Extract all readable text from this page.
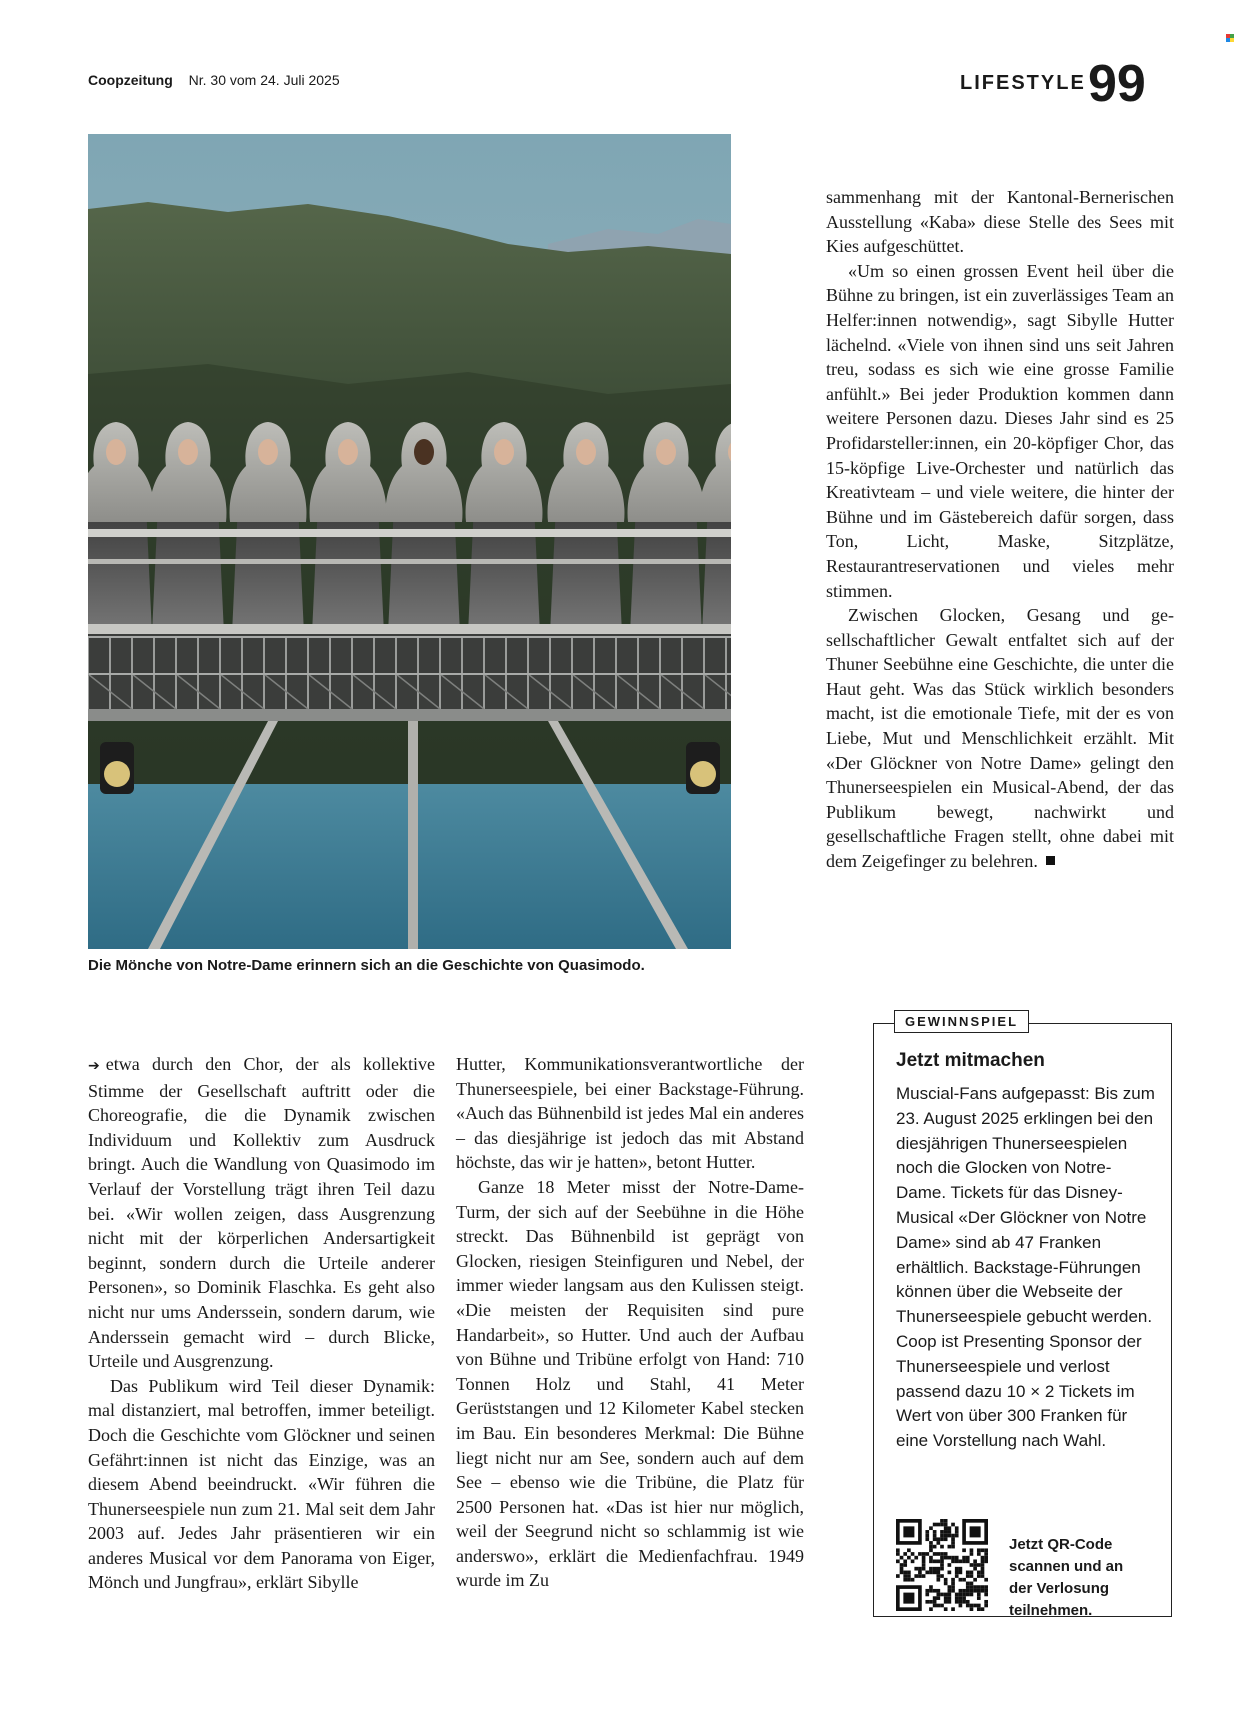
Coopzeitung Nr. 30 vom 24. Juli 2025	LIFESTYLE 99
Die Mönche von Notre-Dame erinnern sich an die Geschichte von Quasimodo.

sammenhang mit der Kantonal-Bernerischen Ausstellung «Kaba» diese Stelle des Sees mit Kies aufgeschüttet.

«Um so einen grossen Event heil über die Bühne zu bringen, ist ein zuverlässiges Team an Helfer:innen notwendig», sagt Sibylle Hutter lächelnd. «Viele von ihnen sind uns seit Jahren treu, sodass es sich wie eine grosse Familie anfühlt.» Bei jeder Produktion kommen dann weitere Personen dazu. Dieses Jahr sind es 25 Profidarsteller:innen, ein 20-köpfiger Chor, das 15-köpfige Live-Orchester und natürlich das Kreativteam – und viele weitere, die hinter der Bühne und im Gästebereich dafür sorgen, dass Ton, Licht, Maske, Sitzplätze, Restaurantreservationen und vieles mehr stimmen.

Zwischen Glocken, Gesang und gesellschaftlicher Gewalt entfaltet sich auf der Thuner Seebühne eine Geschichte, die unter die Haut geht. Was das Stück wirklich besonders macht, ist die emotionale Tiefe, mit der es von Liebe, Mut und Menschlichkeit erzählt. Mit «Der Glöckner von Notre Dame» gelingt den Thunerseespielen ein Musical-Abend, der das Publikum bewegt, nachwirkt und gesellschaftliche Fragen stellt, ohne dabei mit dem Zeigefinger zu belehren.

➔ etwa durch den Chor, der als kollektive Stimme der Gesellschaft auftritt oder die Choreografie, die die Dynamik zwischen Individuum und Kollektiv zum Ausdruck bringt. Auch die Wandlung von Quasimodo im Verlauf der Vorstellung trägt ihren Teil dazu bei. «Wir wollen zeigen, dass Ausgrenzung nicht mit der körperlichen Andersartigkeit beginnt, sondern durch die Urteile anderer Personen», so Dominik Flaschka. Es geht also nicht nur ums Anderssein, sondern darum, wie Anderssein gemacht wird – durch Blicke, Urteile und Ausgrenzung.

Das Publikum wird Teil dieser Dynamik: mal distanziert, mal betroffen, immer beteiligt. Doch die Geschichte vom Glöckner und seinen Gefährt:innen ist nicht das Einzige, was an diesem Abend beeindruckt. «Wir führen die Thunerseespiele nun zum 21. Mal seit dem Jahr 2003 auf. Jedes Jahr präsentieren wir ein anderes Musical vor dem Panorama von Eiger, Mönch und Jungfrau», erklärt Sibylle

Hutter, Kommunikationsverantwortliche der Thunerseespiele, bei einer Backstage-Führung. «Auch das Bühnenbild ist jedes Mal ein anderes – das diesjährige ist jedoch das mit Abstand höchste, das wir je hatten», betont Hutter.

Ganze 18 Meter misst der Notre-Dame-Turm, der sich auf der Seebühne in die Höhe streckt. Das Bühnenbild ist geprägt von Glocken, riesigen Steinfiguren und Nebel, der immer wieder langsam aus den Kulissen steigt. «Die meisten der Requisiten sind pure Handarbeit», so Hutter. Und auch der Aufbau von Bühne und Tribüne erfolgt von Hand: 710 Tonnen Holz und Stahl, 41 Meter Gerüststangen und 12 Kilometer Kabel stecken im Bau. Ein besonderes Merkmal: Die Bühne liegt nicht nur am See, sondern auch auf dem See – ebenso wie die Tribüne, die Platz für 2500 Personen hat. «Das ist hier nur möglich, weil der Seegrund nicht so schlammig ist wie anderswo», erklärt die Medienfachfrau. 1949 wurde im Zu

GEWINNSPIEL
Jetzt mitmachen
Muscial-Fans aufgepasst: Bis zum 23. August 2025 erklingen bei den diesjährigen Thunerseespielen noch die Glocken von Notre-Dame. Tickets für das Disney-Musical «Der Glöckner von Notre Dame» sind ab 47 Franken erhältlich. Backstage-Führungen können über die Webseite der Thunerseespiele gebucht werden. Coop ist Presenting Sponsor der Thunerseespiele und verlost passend dazu 10 × 2 Tickets im Wert von über 300 Franken für eine Vorstellung nach Wahl.
Jetzt QR-Code scannen und an der Verlosung teilnehmen.
